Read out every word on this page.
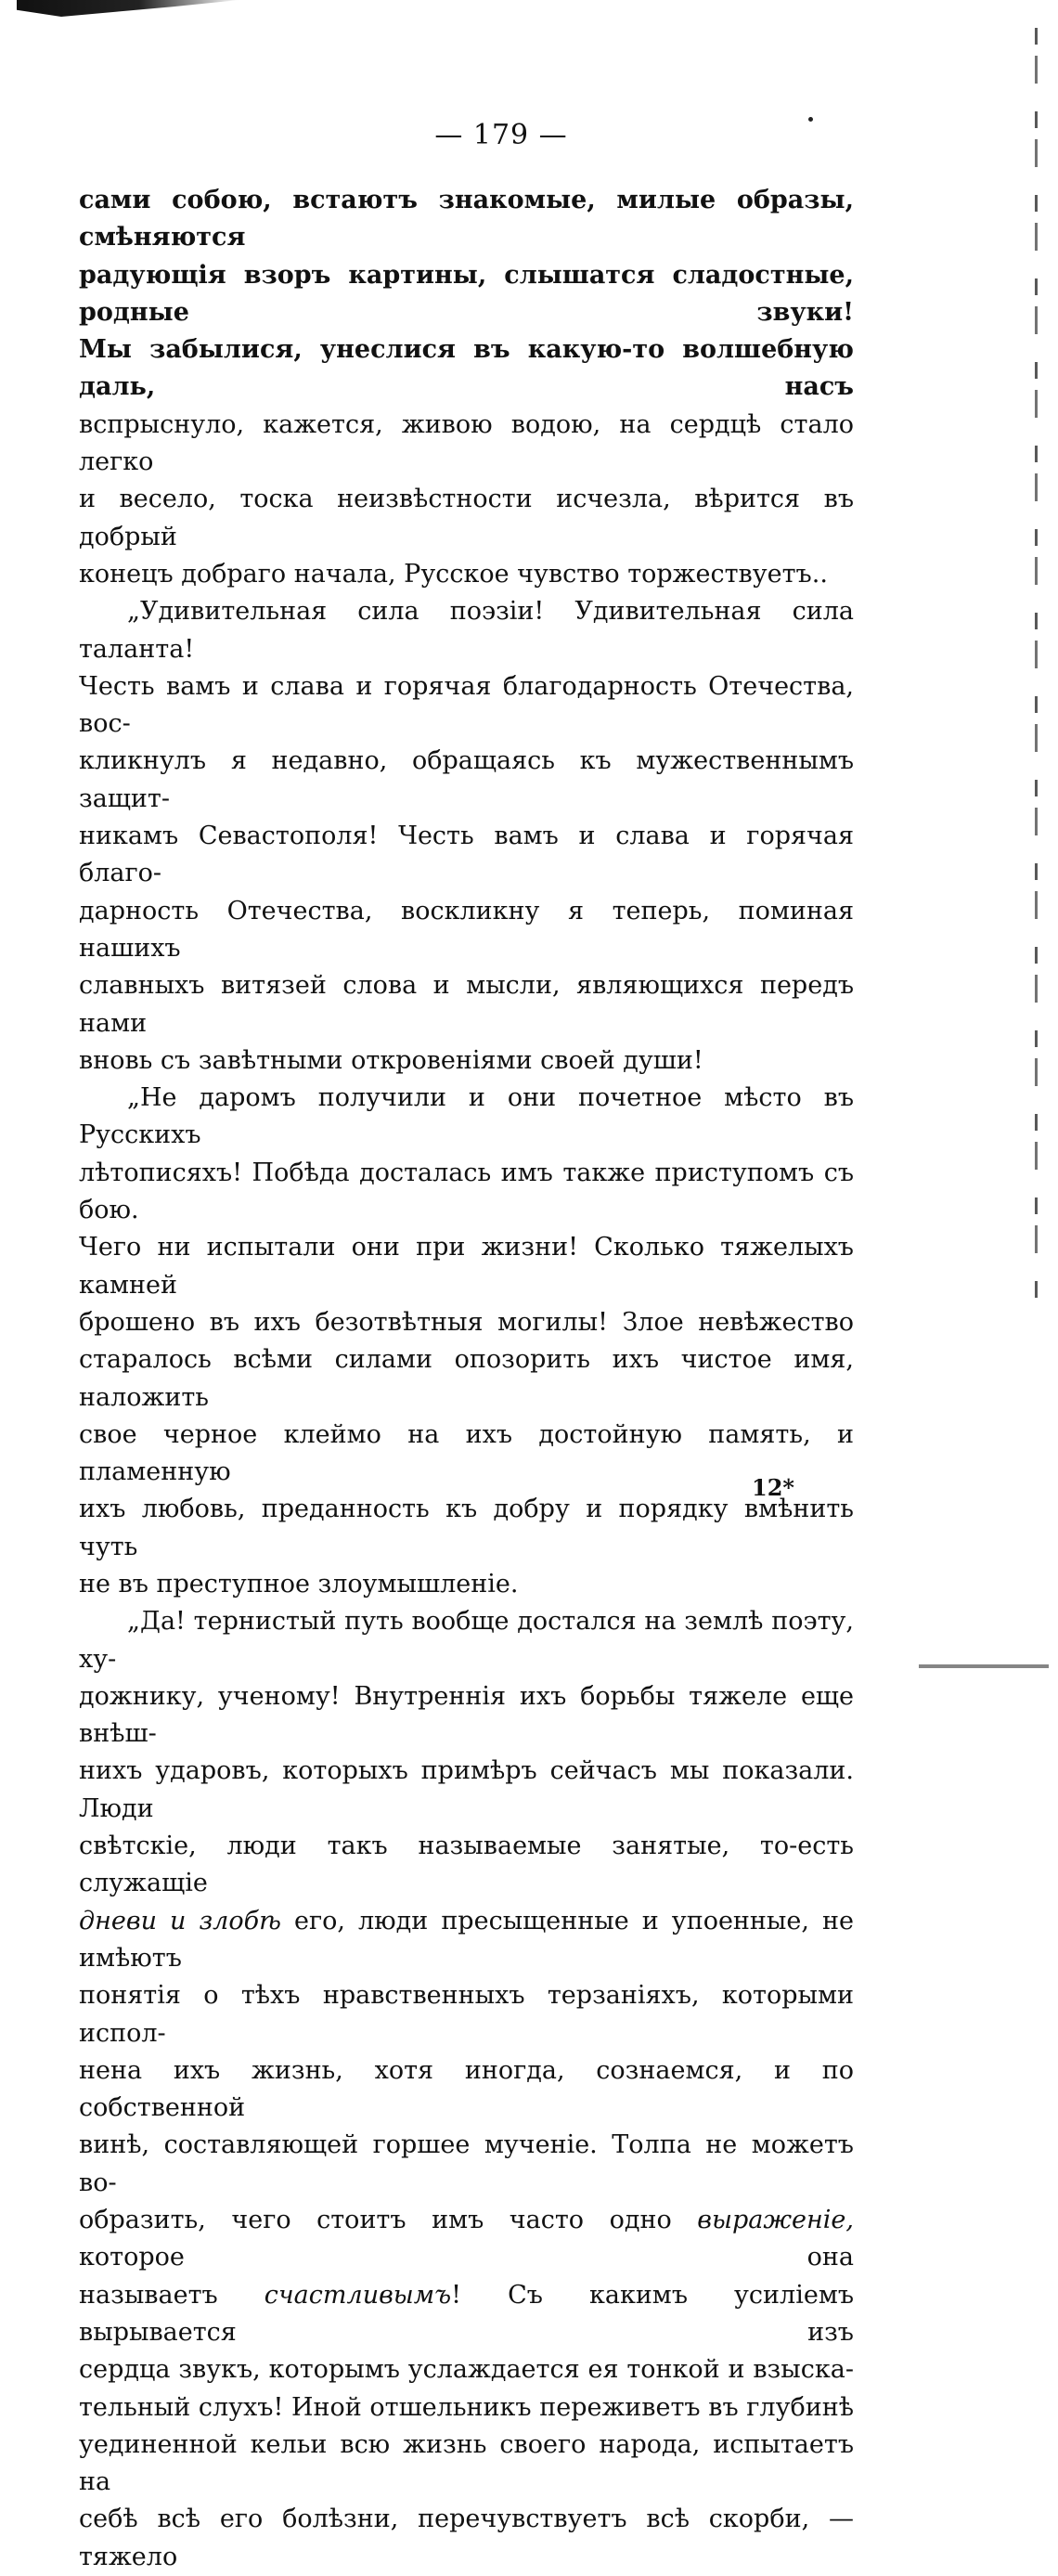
— 179 —

сами собою, встаютъ знакомые, милые образы, смѣняются

радующія взоръ картины, слышатся сладостные, родные звуки!

Мы забылися, унеслися въ какую-то волшебную даль, насъ

вспрыснуло, кажется, живою водою, на сердцѣ стало легко

и весело, тоска неизвѣстности исчезла, вѣрится въ добрый

конецъ добраго начала, Русское чувство торжествуетъ..

„Удивительная сила поэзіи! Удивительная сила таланта!

Честь вамъ и слава и горячая благодарность Отечества, вос-

кликнулъ я недавно, обращаясь къ мужественнымъ защит-

никамъ Севастополя! Честь вамъ и слава и горячая благо-

дарность Отечества, воскликну я теперь, поминая нашихъ

славныхъ витязей слова и мысли, являющихся передъ нами

вновь съ завѣтными откровеніями своей души!

„Не даромъ получили и они почетное мѣсто въ Русскихъ

лѣтописяхъ! Побѣда досталась имъ также приступомъ съ бою.

Чего ни испытали они при жизни! Сколько тяжелыхъ камней

брошено въ ихъ безотвѣтныя могилы! Злое невѣжество

старалось всѣми силами опозорить ихъ чистое имя, наложить

свое черное клеймо на ихъ достойную память, и пламенную

ихъ любовь, преданность къ добру и порядку вмѣнить чуть

не въ преступное злоумышленіе.

„Да! тернистый путь вообще достался на землѣ поэту, ху-

дожнику, ученому! Внутреннія ихъ борьбы тяжеле еще внѣш-

нихъ ударовъ, которыхъ примѣръ сейчасъ мы показали. Люди

свѣтскіе, люди такъ называемые занятые, то-есть служащіе

дневи и злобѣ его, люди пресыщенные и упоенные, не имѣютъ

понятія о тѣхъ нравственныхъ терзаніяхъ, которыми испол-

нена ихъ жизнь, хотя иногда, сознаемся, и по собственной

винѣ, составляющей горшее мученіе. Толпа не можетъ во-

образить, чего стоитъ имъ часто одно выраженіе, которое она

называетъ счастливымъ! Съ какимъ усиліемъ вырывается изъ

сердца звукъ, которымъ услаждается ея тонкой и взыска-

тельный слухъ! Иной отшельникъ переживетъ въ глубинѣ

уединенной кельи всю жизнь своего народа, испытаетъ на

себѣ всѣ его болѣзни, перечувствуетъ всѣ скорби, — тяжело

12*
